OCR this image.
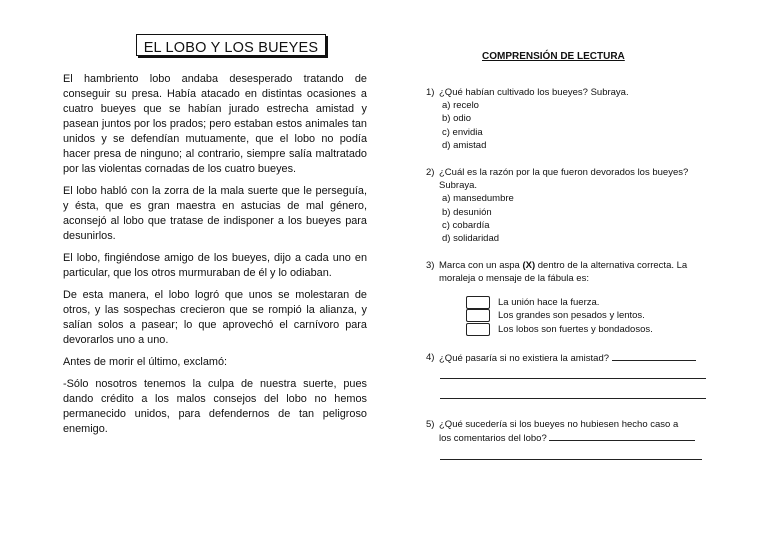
EL LOBO Y LOS BUEYES

El hambriento lobo andaba desesperado tratando de conseguir su presa. Había atacado en distintas ocasiones a cuatro bueyes que se habían jurado estrecha amistad y pasean juntos por los prados; pero estaban estos animales tan unidos y se defendían mutuamente, que el lobo no podía hacer presa de ninguno; al contrario, siempre salía maltratado por las violentas cornadas de los cuatro bueyes.

El lobo habló con la zorra de la mala suerte que le perseguía, y ésta, que es gran maestra en astucias de mal género, aconsejó al lobo que tratase de indisponer a los bueyes para desunirlos.

El lobo, fingiéndose amigo de los bueyes, dijo a cada uno en particular, que los otros murmuraban de él y lo odiaban.

De esta manera, el lobo logró que unos se molestaran de otros, y las sospechas crecieron que se rompió la alianza, y salían solos a pasear; lo que aprovechó el carnívoro para devorarlos uno a uno.

Antes de morir el último, exclamó:

-Sólo nosotros tenemos la culpa de nuestra suerte, pues dando crédito a los malos consejos del lobo no hemos permanecido unidos, para defendernos de tan peligroso enemigo.

COMPRENSIÓN DE LECTURA
1) ¿Qué habían cultivado los bueyes? Subraya.
a) recelo
b) odio
c) envidia
d) amistad
2) ¿Cuál es la razón por la que fueron devorados los bueyes?
Subraya.
a) mansedumbre
b) desunión
c) cobardía
d) solidaridad
3) Marca con un aspa (X) dentro de la alternativa correcta. La moraleja o mensaje de la fábula es:
La unión hace la fuerza.
Los grandes son pesados y lentos.
Los lobos son fuertes y bondadosos.
4) ¿Qué pasaría si no existiera la amistad?
5) ¿Qué sucedería si los bueyes no hubiesen hecho caso a
los comentarios del lobo?
